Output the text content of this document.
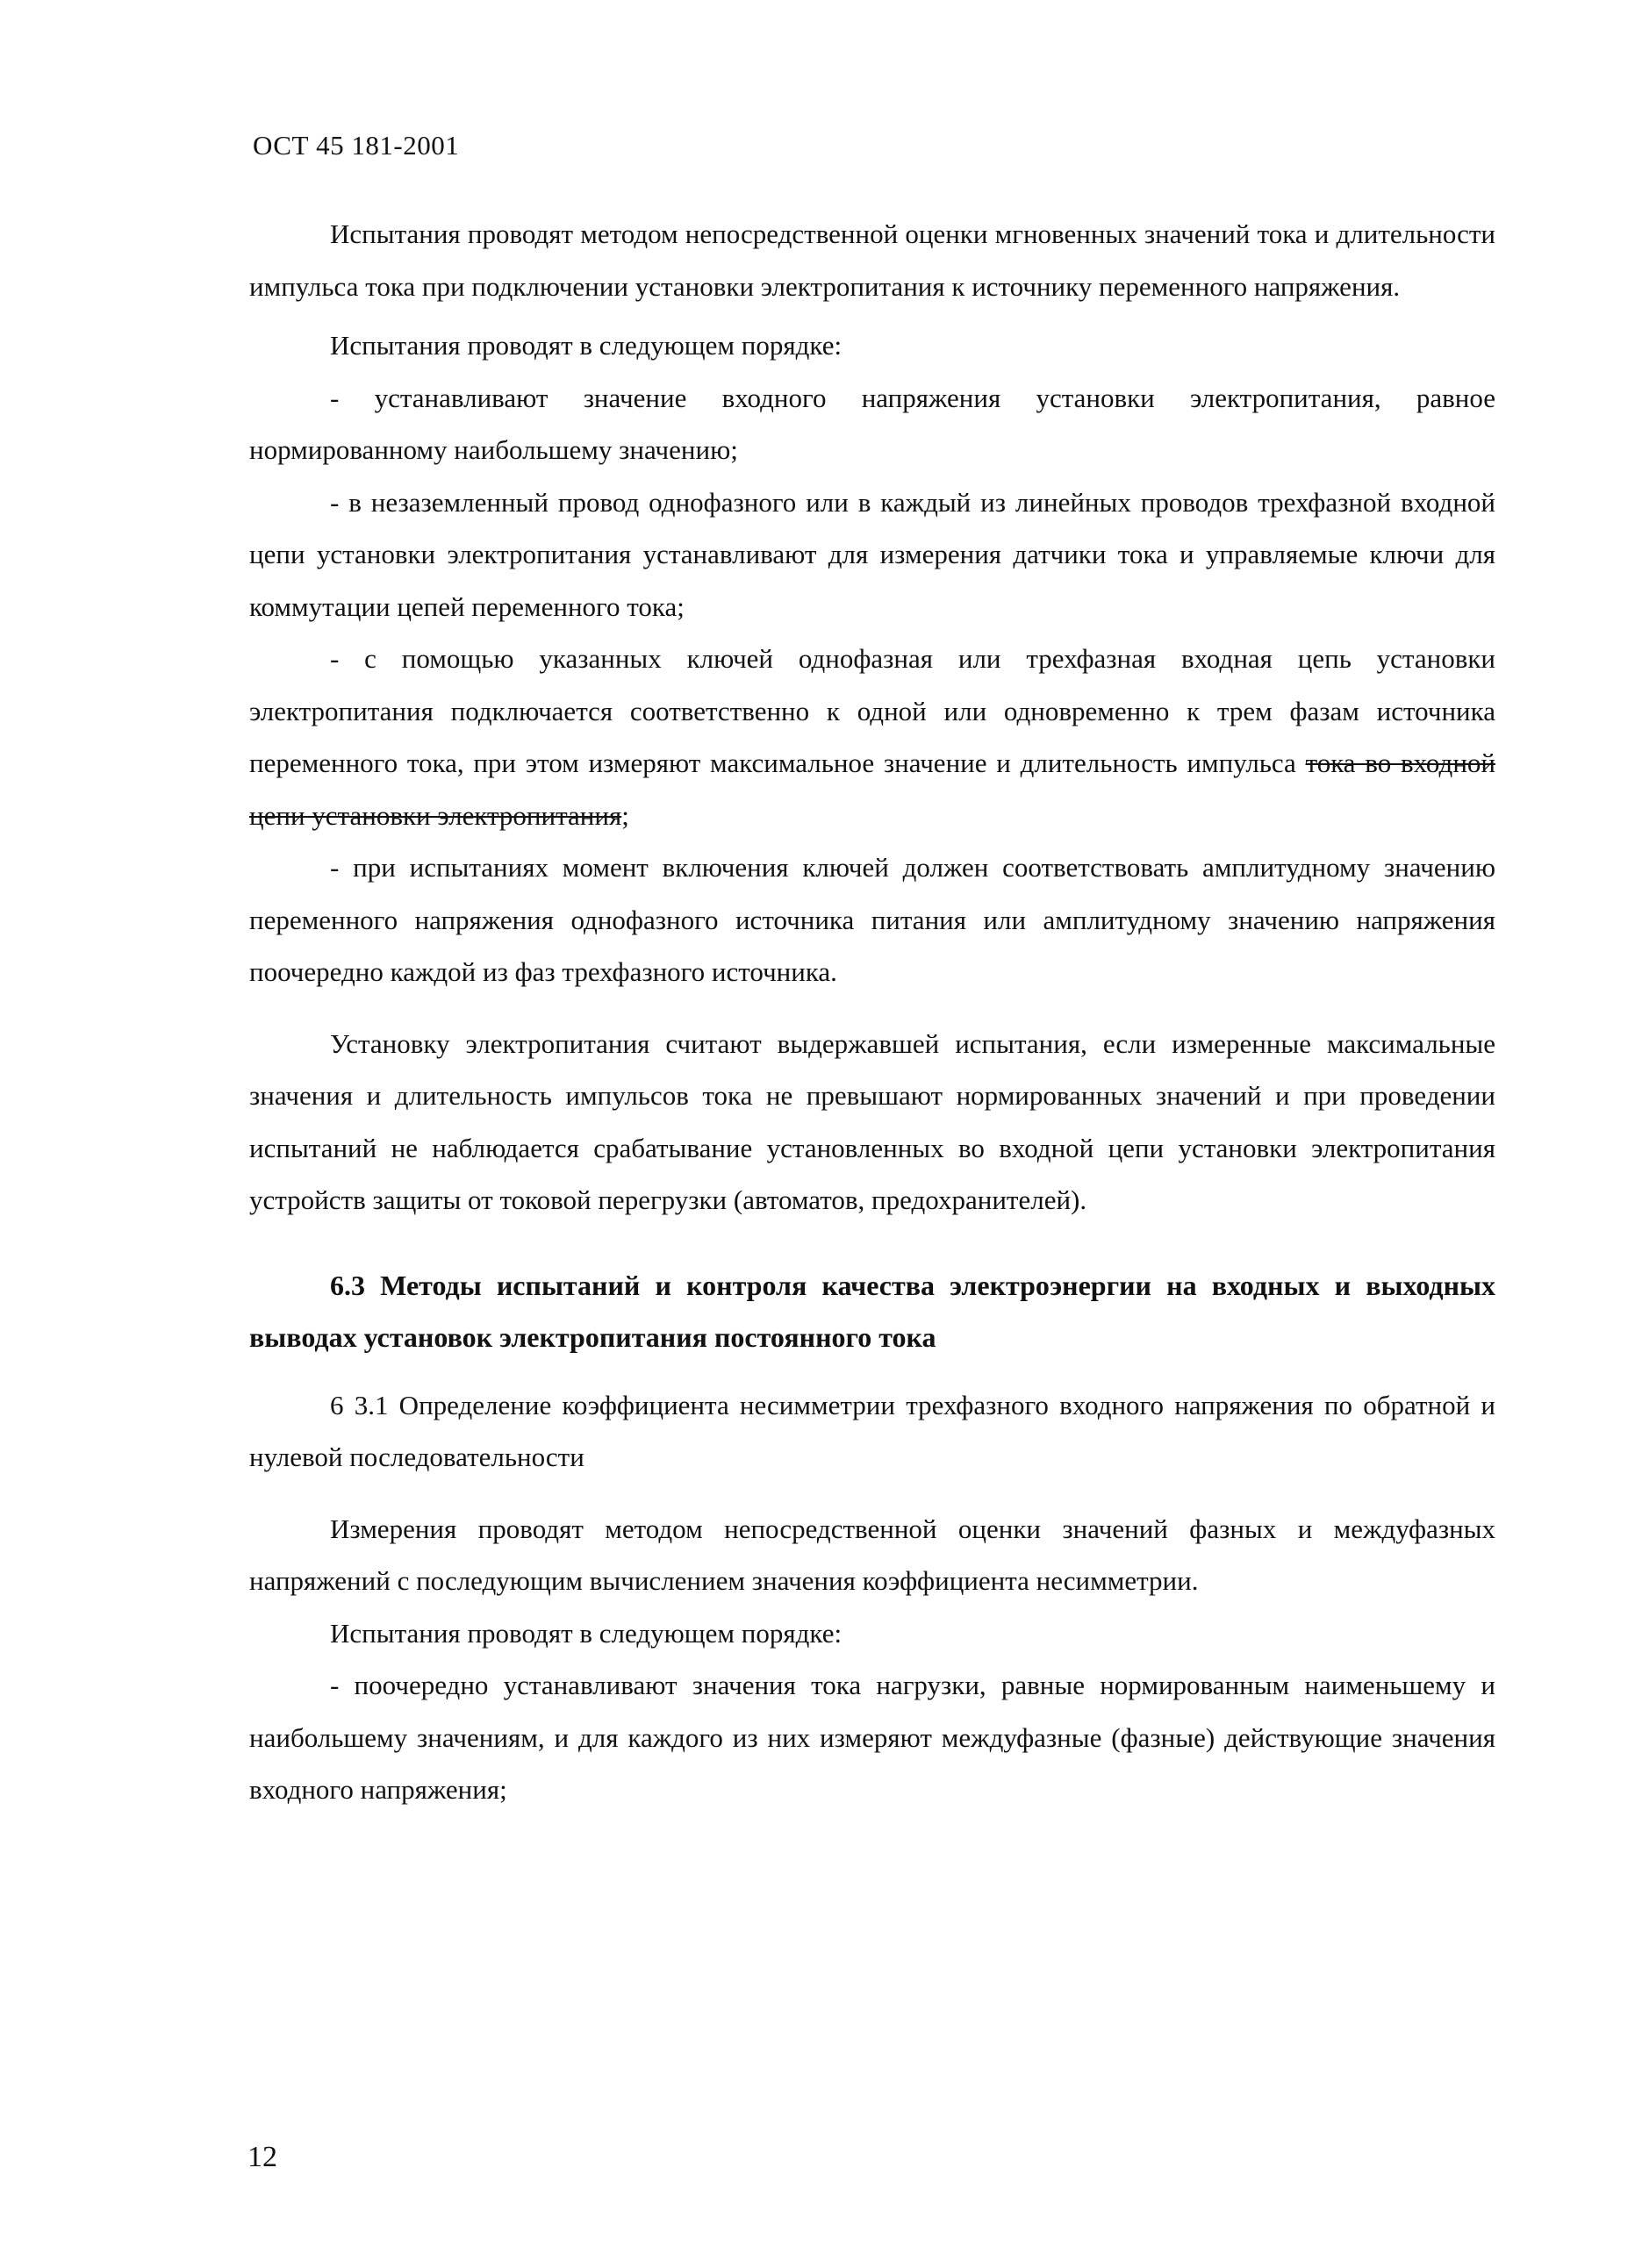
ОСТ 45 181-2001

Испытания проводят методом непосредственной оценки мгновенных значений тока и длительности импульса тока при подключении установки электропитания к источнику переменного напряжения.

Испытания проводят в следующем порядке:

- устанавливают значение входного напряжения установки электропитания, равное нормированному наибольшему значению;

- в незаземленный провод однофазного или в каждый из линейных проводов трехфазной входной цепи установки электропитания устанавливают для измерения датчики тока и управляемые ключи для коммутации цепей переменного тока;

- с помощью указанных ключей однофазная или трехфазная входная цепь установки электропитания подключается соответственно к одной или одновременно к трем фазам источника переменного тока, при этом измеряют максимальное значение и длительность импульса тока во входной цепи установки электропитания;

- при испытаниях момент включения ключей должен соответствовать амплитудному значению переменного напряжения однофазного источника питания или амплитудному значению напряжения поочередно каждой из фаз трехфазного источника.

Установку электропитания считают выдержавшей испытания, если измеренные максимальные значения и длительность импульсов тока не превышают нормированных значений и при проведении испытаний не наблюдается срабатывание установленных во входной цепи установки электропитания устройств защиты от токовой перегрузки (автоматов, предохранителей).

6.3 Методы испытаний и контроля качества электроэнергии на входных и выходных выводах установок электропитания постоянного тока

6 3.1 Определение коэффициента несимметрии трехфазного входного напряжения по обратной и нулевой последовательности

Измерения проводят методом непосредственной оценки значений фазных и междуфазных напряжений с последующим вычислением значения коэффициента несимметрии.

Испытания проводят в следующем порядке:

- поочередно устанавливают значения тока нагрузки, равные нормированным наименьшему и наибольшему значениям, и для каждого из них измеряют междуфазные (фазные) действующие значения входного напряжения;

12
